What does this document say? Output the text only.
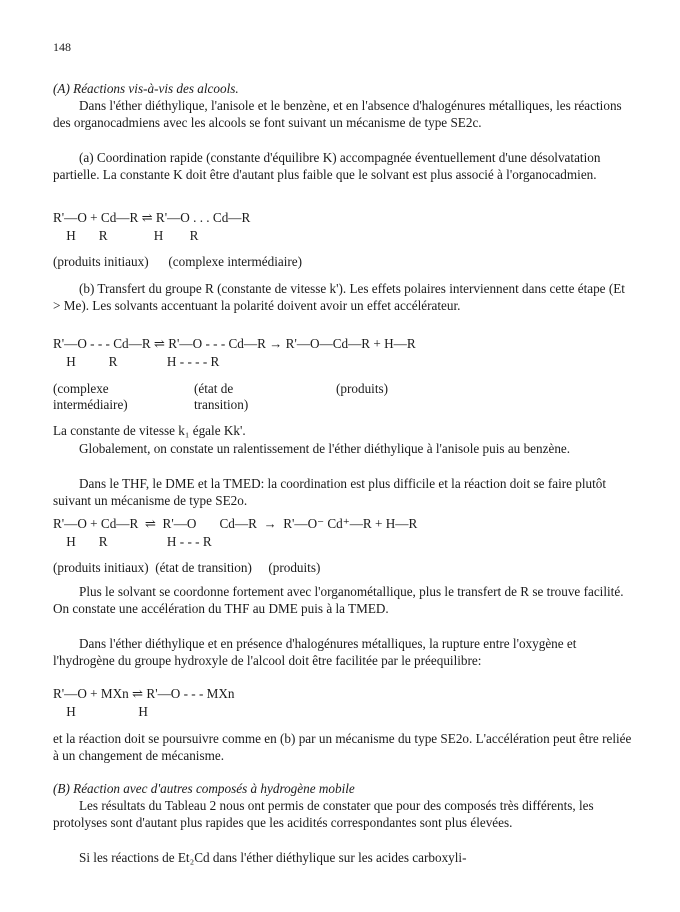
148
(A) Réactions vis-à-vis des alcools.
Dans l'éther diéthylique, l'anisole et le benzène, et en l'absence d'halogénures métalliques, les réactions des organocadmiens avec les alcools se font suivant un mécanisme de type SE2c.
(a) Coordination rapide (constante d'équilibre K) accompagnée éventuellement d'une désolvatation partielle. La constante K doit être d'autant plus faible que le solvant est plus associé à l'organocadmien.
R'—O + Cd—R ⇌ R'—O . . . Cd—R
H       R              H        R
(produits initiaux)      (complexe intermédiaire)
(b) Transfert du groupe R (constante de vitesse k'). Les effets polaires interviennent dans cette étape (Et > Me). Les solvants accentuant la polarité doivent avoir un effet accélérateur.
R'—O - - - Cd—R ⇌ R'—O - - - Cd—R → R'—O—Cd—R + H—R
H          R               H - - - - R
(complexe
intermédiaire)
(état de
transition)
(produits)
La constante de vitesse k₁ égale Kk'.
Globalement, on constate un ralentissement de l'éther diéthylique à l'anisole puis au benzène.
Dans le THF, le DME et la TMED: la coordination est plus difficile et la réaction doit se faire plutôt suivant un mécanisme de type SE2o.
R'—O + Cd—R  ⇌  R'—O       Cd—R  →  R'—O⁻ Cd⁺—R + H—R
H       R                  H - - - R
(produits initiaux)  (état de transition)     (produits)
Plus le solvant se coordonne fortement avec l'organométallique, plus le transfert de R se trouve facilité. On constate une accélération du THF au DME puis à la TMED.
Dans l'éther diéthylique et en présence d'halogénures métalliques, la rupture entre l'oxygène et l'hydrogène du groupe hydroxyle de l'alcool doit être facilitée par le préequilibre:
R'—O + MXn ⇌ R'—O - - - MXn
H                   H
et la réaction doit se poursuivre comme en (b) par un mécanisme du type SE2o. L'accélération peut être reliée à un changement de mécanisme.
(B) Réaction avec d'autres composés à hydrogène mobile
Les résultats du Tableau 2 nous ont permis de constater que pour des composés très différents, les protolyses sont d'autant plus rapides que les acidités correspondantes sont plus élevées.
Si les réactions de Et₂Cd dans l'éther diéthylique sur les acides carboxyli-
